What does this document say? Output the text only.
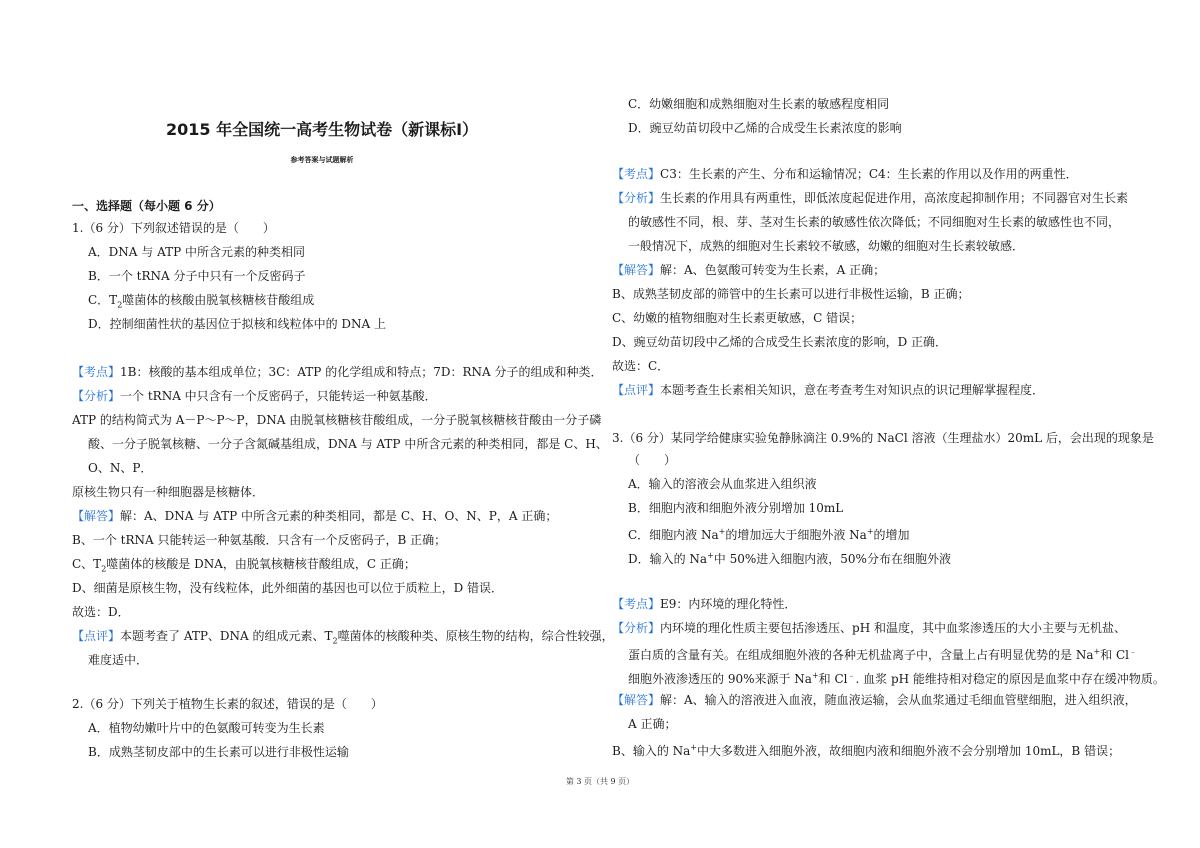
2015 年全国统一高考生物试卷（新课标Ⅰ）
参考答案与试题解析
一、选择题（每小题 6 分）
1.（6 分）下列叙述错误的是（　　）
A．DNA 与 ATP 中所含元素的种类相同
B．一个 tRNA 分子中只有一个反密码子
C．$T_2$噬菌体的核酸由脱氧核糖核苷酸组成
D．控制细菌性状的基因位于拟核和线粒体中的 DNA 上
【考点】1B：核酸的基本组成单位；3C：ATP 的化学组成和特点；7D：RNA 分子的组成和种类．
【分析】一个 tRNA 中只含有一个反密码子，只能转运一种氨基酸．
ATP 的结构简式为 A－P～P～P，DNA 由脱氧核糖核苷酸组成，一分子脱氧核糖核苷酸由一分子磷
酸、一分子脱氧核糖、一分子含氮碱基组成，DNA 与 ATP 中所含元素的种类相同，都是 C、H、
O、N、P．
原核生物只有一种细胞器是核糖体．
【解答】解：A、DNA 与 ATP 中所含元素的种类相同，都是 C、H、O、N、P，A 正确；
B、一个 tRNA 只能转运一种氨基酸．只含有一个反密码子，B 正确；
C、$T_2$噬菌体的核酸是 DNA，由脱氧核糖核苷酸组成，C 正确；
D、细菌是原核生物，没有线粒体，此外细菌的基因也可以位于质粒上，D 错误．
故选：D．
【点评】本题考查了 ATP、DNA 的组成元素、$T_2$噬菌体的核酸种类、原核生物的结构，综合性较强，
难度适中．
2.（6 分）下列关于植物生长素的叙述，错误的是（　　）
A．植物幼嫩叶片中的色氨酸可转变为生长素
B．成熟茎韧皮部中的生长素可以进行非极性运输
C．幼嫩细胞和成熟细胞对生长素的敏感程度相同
D．豌豆幼苗切段中乙烯的合成受生长素浓度的影响
【考点】C3：生长素的产生、分布和运输情况；C4：生长素的作用以及作用的两重性．
【分析】生长素的作用具有两重性，即低浓度起促进作用，高浓度起抑制作用；不同器官对生长素
的敏感性不同，根、芽、茎对生长素的敏感性依次降低；不同细胞对生长素的敏感性也不同，
一般情况下，成熟的细胞对生长素较不敏感，幼嫩的细胞对生长素较敏感．
【解答】解：A、色氨酸可转变为生长素，A 正确；
B、成熟茎韧皮部的筛管中的生长素可以进行非极性运输，B 正确；
C、幼嫩的植物细胞对生长素更敏感，C 错误；
D、豌豆幼苗切段中乙烯的合成受生长素浓度的影响，D 正确．
故选：C．
【点评】本题考查生长素相关知识，意在考查考生对知识点的识记理解掌握程度．
3.（6 分）某同学给健康实验兔静脉滴注 0.9%的 NaCl 溶液（生理盐水）20mL 后，会出现的现象是
（　　）
A．输入的溶液会从血浆进入组织液
B．细胞内液和细胞外液分别增加 10mL
C．细胞内液 Na+的增加远大于细胞外液 Na+的增加
D．输入的 Na+中 50%进入细胞内液，50%分布在细胞外液
【考点】E9：内环境的理化特性．
【分析】内环境的理化性质主要包括渗透压、pH 和温度，其中血浆渗透压的大小主要与无机盐、
蛋白质的含量有关。在组成细胞外液的各种无机盐离子中，含量上占有明显优势的是 Na+和 Cl﹣
细胞外液渗透压的 90%来源于 Na+和 Cl﹣. 血浆 pH 能维持相对稳定的原因是血浆中存在缓冲物质。
【解答】解：A、输入的溶液进入血液，随血液运输，会从血浆通过毛细血管壁细胞，进入组织液，
A 正确；
B、输入的 Na+中大多数进入细胞外液，故细胞内液和细胞外液不会分别增加 10mL，B 错误；
第 3 页（共 9 页）
